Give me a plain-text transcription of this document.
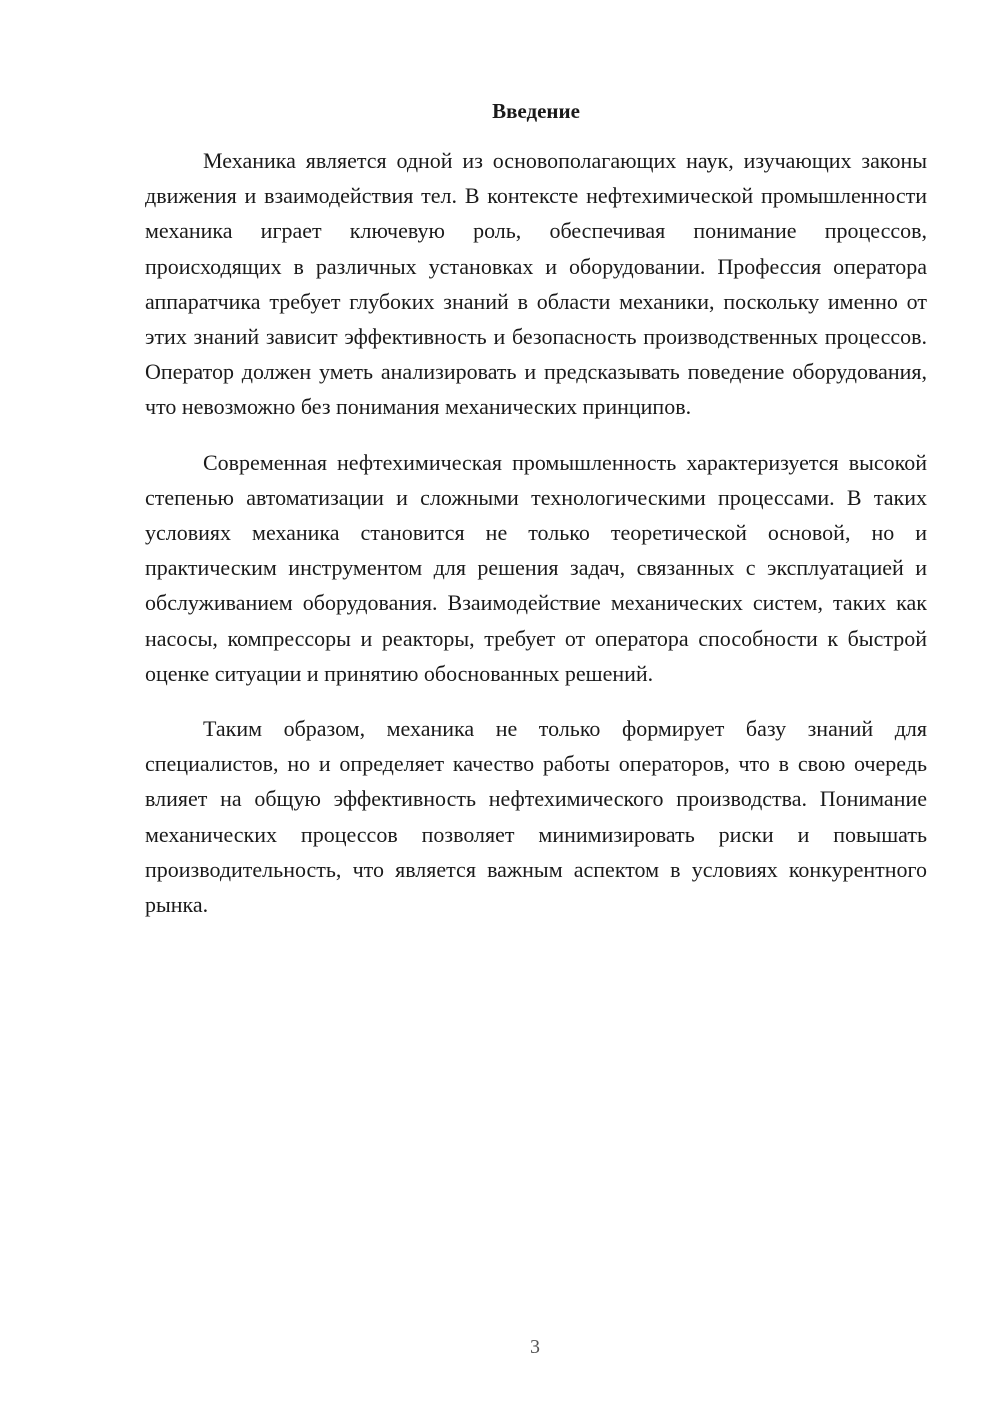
Введение

Механика является одной из основополагающих наук, изучающих законы движения и взаимодействия тел. В контексте нефтехимической промышленности механика играет ключевую роль, обеспечивая понимание процессов, происходящих в различных установках и оборудовании. Профессия оператора аппаратчика требует глубоких знаний в области механики, поскольку именно от этих знаний зависит эффективность и безопасность производственных процессов. Оператор должен уметь анализировать и предсказывать поведение оборудования, что невозможно без понимания механических принципов.

Современная нефтехимическая промышленность характеризуется высокой степенью автоматизации и сложными технологическими процессами. В таких условиях механика становится не только теоретической основой, но и практическим инструментом для решения задач, связанных с эксплуатацией и обслуживанием оборудования. Взаимодействие механических систем, таких как насосы, компрессоры и реакторы, требует от оператора способности к быстрой оценке ситуации и принятию обоснованных решений.

Таким образом, механика не только формирует базу знаний для специалистов, но и определяет качество работы операторов, что в свою очередь влияет на общую эффективность нефтехимического производства. Понимание механических процессов позволяет минимизировать риски и повышать производительность, что является важным аспектом в условиях конкурентного рынка.

3
